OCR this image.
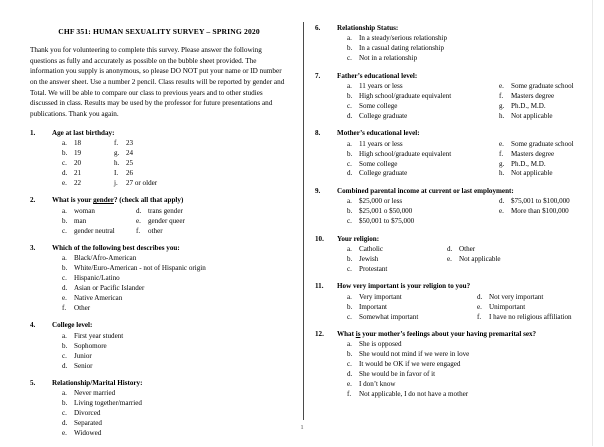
CHF 351: HUMAN SEXUALITY SURVEY – SPRING 2020

Thank you for volunteering to complete this survey. Please answer the following questions as fully and accurately as possible on the bubble sheet provided. The information you supply is anonymous, so please DO NOT put your name or ID number on the answer sheet. Use a number 2 pencil. Class results will be reported by gender and Total. We will be able to compare our class to previous years and to other studies discussed in class. Results may be used by the professor for future presentations and publications. Thank you again.

1.	Age at last birthday:
a. 18	f.	23
b. 19	g. 24
c. 20	h. 25
d. 21	I.	26
e. 22	j.	27 or older
2.	What is your gender? (check all that apply)
a. woman	d. trans gender
b. man	e. gender queer
c. gender neutral	f.	other
3.	Which of the following best describes you:
a. Black/Afro-American
b. White/Euro-American - not of Hispanic origin
c. Hispanic/Latino
d. Asian or Pacific Islander
e. Native American
f.	Other
4.	College level:
a. First year student
b. Sophomore
c. Junior
d. Senior
5.	Relationship/Marital History:
a. Never married
b. Living together/married
c. Divorced
d. Separated
e. Widowed
6.	Relationship Status:
a. In a steady/serious relationship
b. In a casual dating relationship
c. Not in a relationship
7.	Father’s educational level:
a. 11 years or less	e. Some graduate school
b. High school/graduate equivalent	f.	Masters degree
c. Some college	g. Ph.D., M.D.
d. College graduate	h. Not applicable
8.	Mother’s educational level:
a. 11 years or less	e. Some graduate school
b. High school/graduate equivalent	f.	Masters degree
c. Some college	g. Ph.D., M.D.
d. College graduate	h. Not applicable
9.	Combined parental income at current or last employment:
a. $25,000 or less	d. $75,001 to $100,000
b. $25,001 o $50,000	e. More than $100,000
c. $50,001 to $75,000
10.	Your religion:
a. Catholic	d. Other
b. Jewish	e. Not applicable
c. Protestant
11.	How very important is your religion to you?
a. Very important	d. Not very important
b. Important	e. Unimportant
c. Somewhat important	f.	I have no religious affiliation
12.	What is your mother’s feelings about your having premarital sex?
a. She is opposed
b. She would not mind if we were in love
c. It would be OK if we were engaged
d. She would be in favor of it
e. I don’t know
f.	Not applicable, I do not have a mother
1
